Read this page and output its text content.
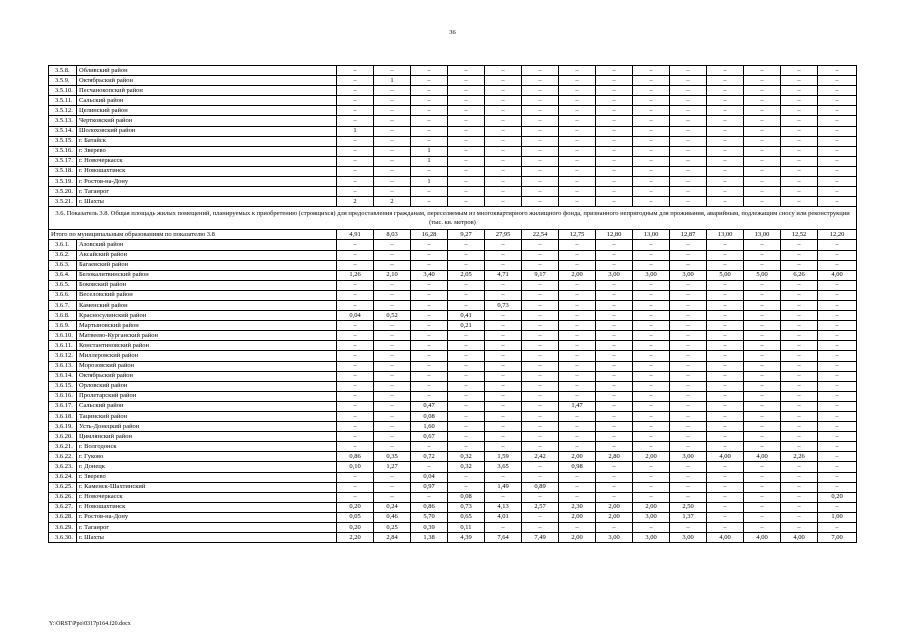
36
3.5.8.	Обливский район	–	–	–	–	–	–	–	–	–	–	–	–	–	–
3.5.9.	Октябрьский район	–	1	–	–	–	–	–	–	–	–	–	–	–	–
3.5.10.	Песчанокопский район	–	–	–	–	–	–	–	–	–	–	–	–	–	–
3.5.11.	Сальский район	–	–	–	–	–	–	–	–	–	–	–	–	–	–
3.5.12.	Целинский район	–	–	–	–	–	–	–	–	–	–	–	–	–	–
3.5.13.	Чертковский район	–	–	–	–	–	–	–	–	–	–	–	–	–	–
3.5.14.	Шолоховский район	1	–	–	–	–	–	–	–	–	–	–	–	–	–
3.5.15.	г. Батайск	–	–	–	–	–	–	–	–	–	–	–	–	–	–
3.5.16.	г. Зверево	–	–	1	–	–	–	–	–	–	–	–	–	–	–
3.5.17.	г. Новочеркасск	–	–	1	–	–	–	–	–	–	–	–	–	–	–
3.5.18.	г. Новошахтинск	–	–	–	–	–	–	–	–	–	–	–	–	–	–
3.5.19.	г. Ростов-на-Дону	–	–	1	–	–	–	–	–	–	–	–	–	–	–
3.5.20.	г. Таганрог	–	–	–	–	–	–	–	–	–	–	–	–	–	–
3.5.21.	г. Шахты	2	2	–	–	–	–	–	–	–	–	–	–	–	–
3.6. Показатель 3.8. Общая площадь жилых помещений, планируемых к приобретению (строящихся) для предоставления гражданам, переселяемым из многоквартирного жилищного фонда, признанного непригодным для проживания, аварийным, подлежащим сносу или реконструкции (тыс. кв. метров)															
Итого по муниципальным образованиям по показателю 3.8		4,91	8,03	16,28	9,27	27,95	22,54	12,75	12,80	13,00	12,87	13,00	13,00	12,52	12,20
3.6.1.	Азовский район	–	–	–	–	–	–	–	–	–	–	–	–	–	–
3.6.2.	Аксайский район	–	–	–	–	–	–	–	–	–	–	–	–	–	–
3.6.3.	Багаевский район	–	–	–	–	–	–	–	–	–	–	–	–	–	–
3.6.4.	Белокалитвинский район	1,26	2,10	3,40	2,05	4,71	9,17	2,00	3,00	3,00	3,00	5,00	5,00	6,26	4,00
3.6.5.	Боковский район	–	–	–	–	–	–	–	–	–	–	–	–	–	–
3.6.6.	Веселовский район	–	–	–	–	–	–	–	–	–	–	–	–	–	–
3.6.7.	Каменский район	–	–	–	–	0,73	–	–	–	–	–	–	–	–	–
3.6.8.	Красносулинский район	0,04	0,52	–	0,41	–	–	–	–	–	–	–	–	–	–
3.6.9.	Мартыновский район	–	–	–	0,21	–	–	–	–	–	–	–	–	–	–
3.6.10.	Матвеево-Курганский район	–	–	–	–	–	–	–	–	–	–	–	–	–	–
3.6.11.	Константиновский район	–	–	–	–	–	–	–	–	–	–	–	–	–	–
3.6.12.	Миллеровский район	–	–	–	–	–	–	–	–	–	–	–	–	–	–
3.6.13.	Морозовский район	–	–	–	–	–	–	–	–	–	–	–	–	–	–
3.6.14.	Октябрьский район	–	–	–	–	–	–	–	–	–	–	–	–	–	–
3.6.15.	Орловский район	–	–	–	–	–	–	–	–	–	–	–	–	–	–
3.6.16.	Пролетарский район	–	–	–	–	–	–	–	–	–	–	–	–	–	–
3.6.17.	Сальский район	–	–	0,47	–	–	–	1,47	–	–	–	–	–	–	–
3.6.18.	Тацинский район	–	–	0,08	–	–	–	–	–	–	–	–	–	–	–
3.6.19.	Усть-Донецкий район	–	–	1,60	–	–	–	–	–	–	–	–	–	–	–
3.6.20.	Цимлянский район	–	–	0,67	–	–	–	–	–	–	–	–	–	–	–
3.6.21.	г. Волгодонск	–	–	–	–	–	–	–	–	–	–	–	–	–	–
3.6.22.	г. Гуково	0,86	0,35	0,72	0,32	1,59	2,42	2,00	2,80	2,00	3,00	4,00	4,00	2,26	–
3.6.23.	г. Донецк	0,10	1,27	–	0,32	3,65	–	0,98	–	–	–	–	–	–	–
3.6.24.	г. Зверево	–	–	0,04	–	–	–	–	–	–	–	–	–	–	–
3.6.25.	г. Каменск-Шахтинский	–	–	0,97	–	1,49	0,89	–	–	–	–	–	–	–	–
3.6.26.	г. Новочеркасск	–	–	–	0,08	–	–	–	–	–	–	–	–	–	0,20
3.6.27.	г. Новошахтинск	0,20	0,24	0,86	0,73	4,13	2,57	2,30	2,00	2,00	2,50	–	–	–	–
3.6.28.	г. Ростов-на-Дону	0,05	0,46	5,70	0,65	4,01	–	2,00	2,00	3,00	1,37	–	–	–	1,00
3.6.29.	г. Таганрог	0,20	0,25	0,39	0,11	–	–	–	–	–	–	–	–	–	–
3.6.30.	г. Шахты	2,20	2,84	1,38	4,39	7,64	7,49	2,00	3,00	3,00	3,00	4,00	4,00	4,00	7,00
Y:\ORST\Ppo\0317p164.f20.docx
